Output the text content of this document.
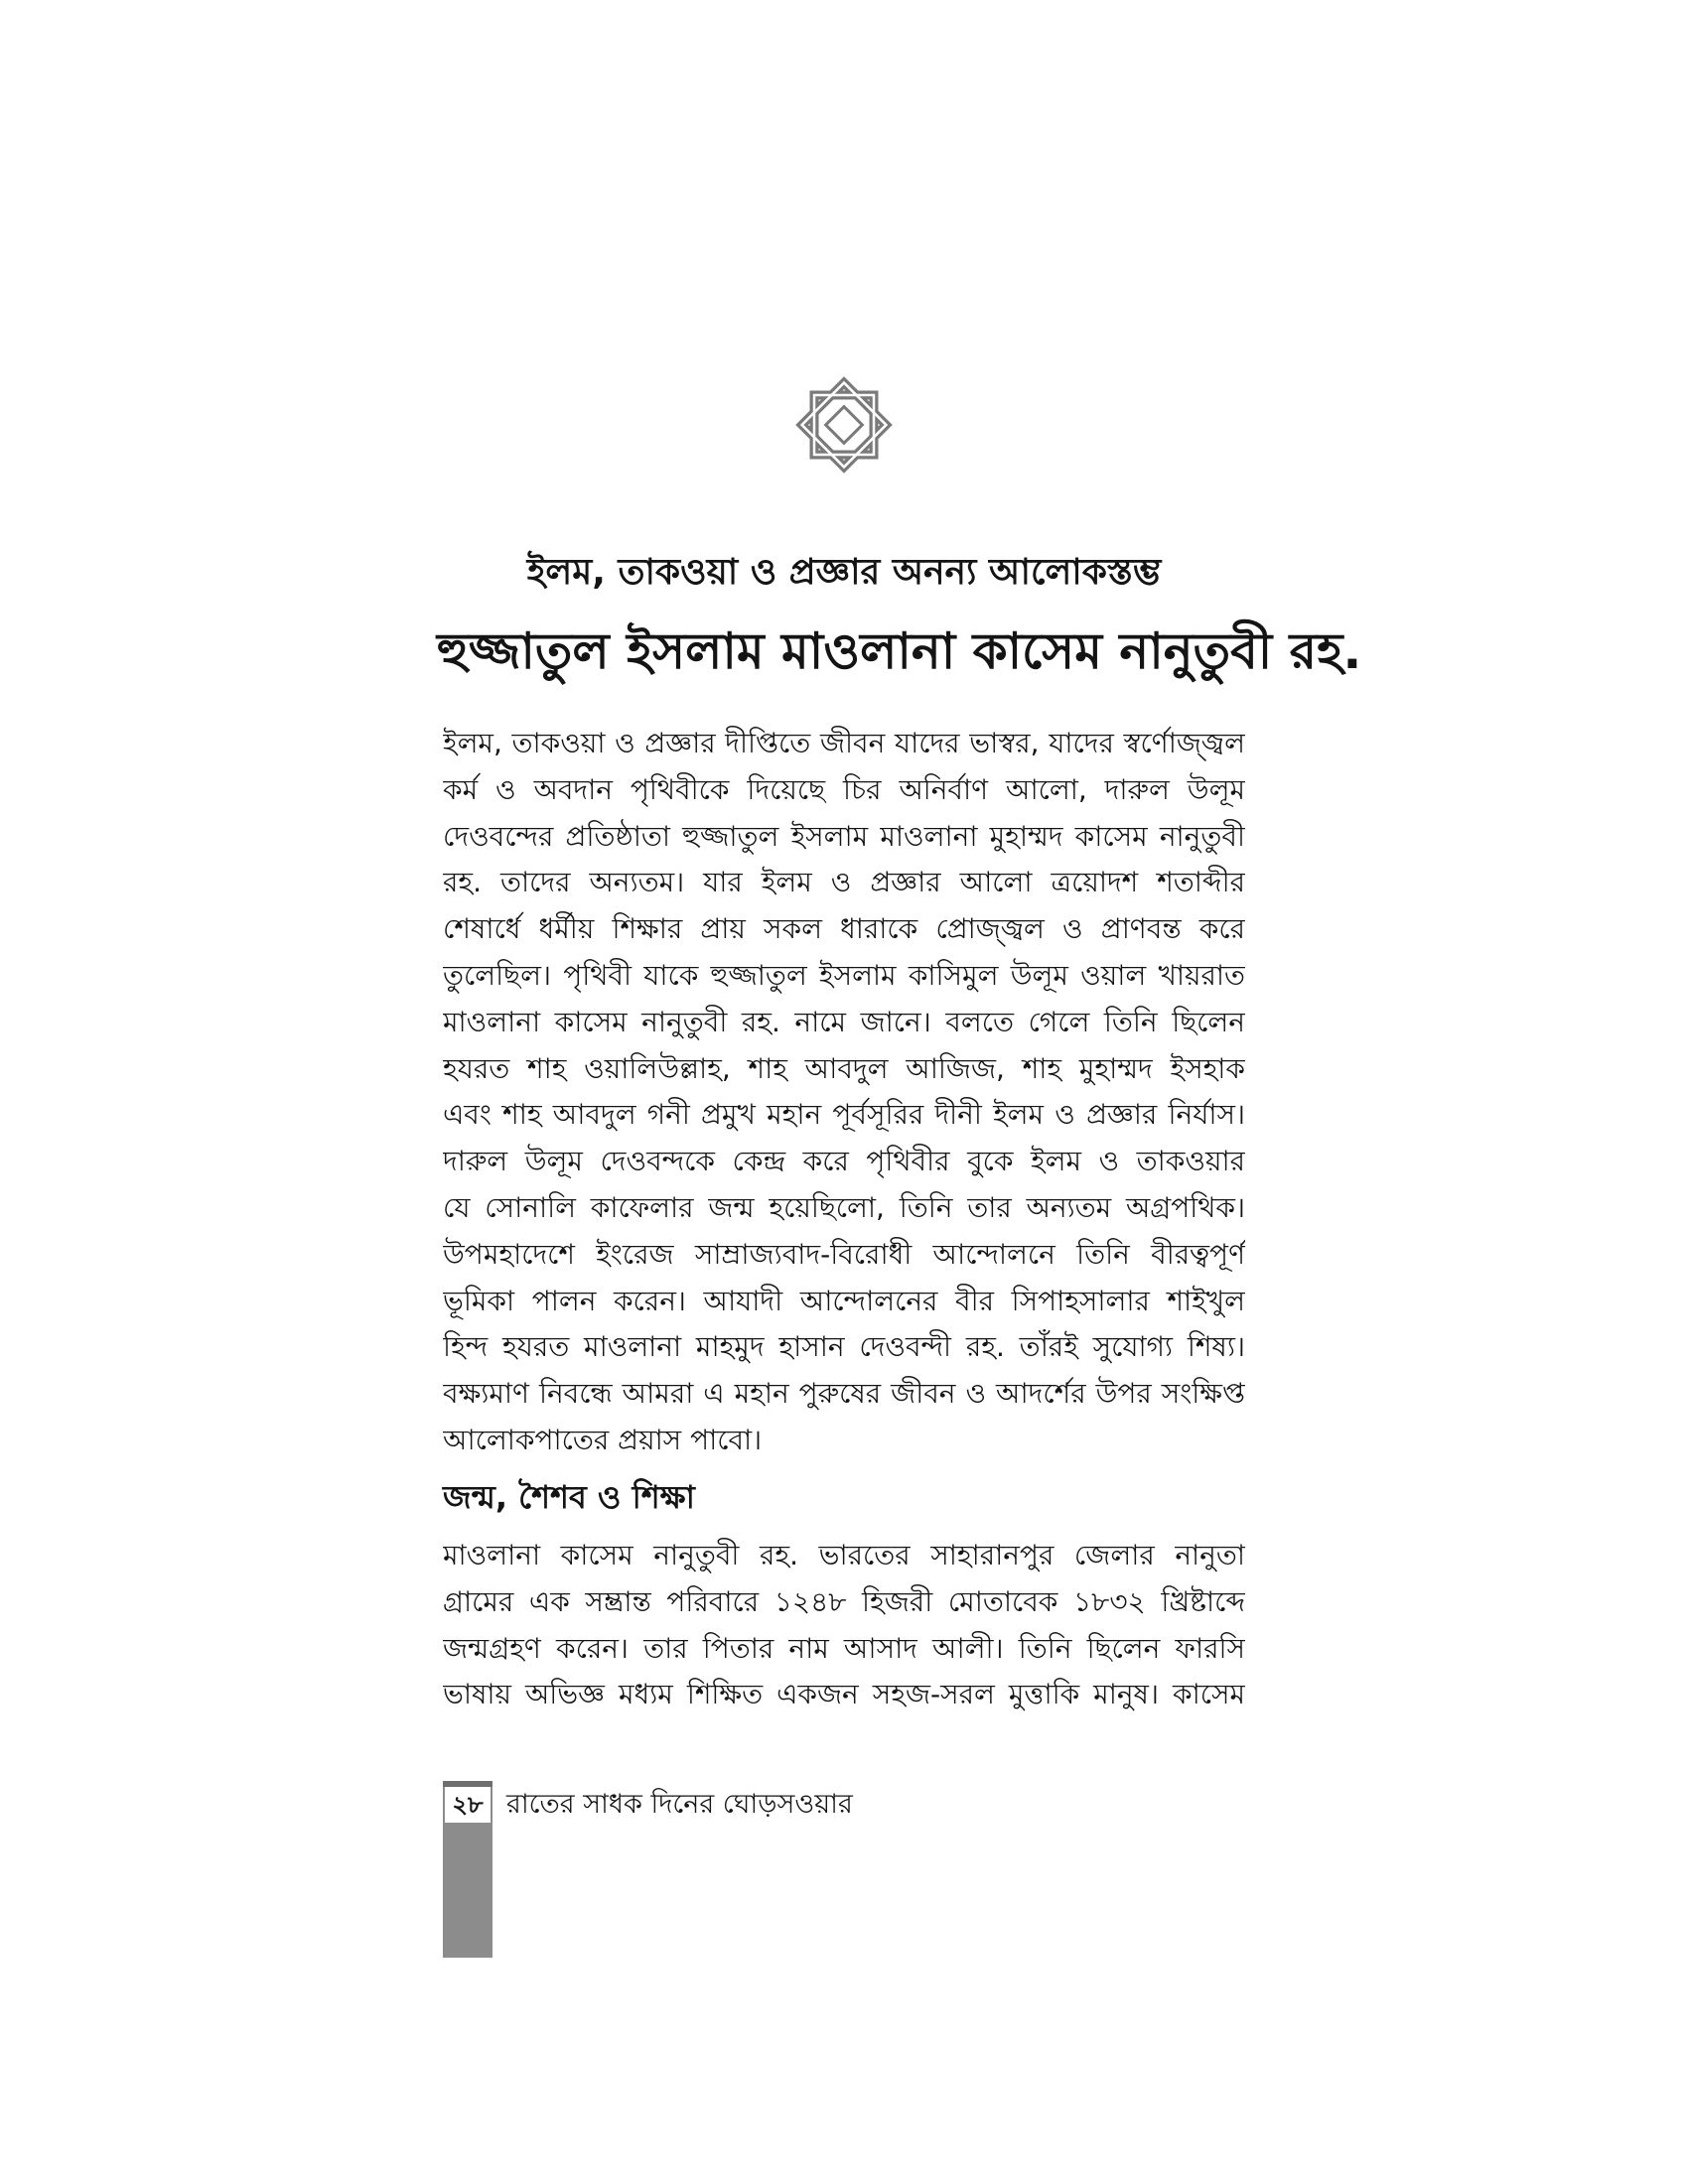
ইলম, তাকওয়া ও প্রজ্ঞার অনন্য আলোকস্তম্ভ
হুজ্জাতুল ইসলাম মাওলানা কাসেম নানুতুবী রহ.
ইলম, তাকওয়া ও প্রজ্ঞার দীপ্তিতে জীবন যাদের ভাস্বর, যাদের স্বর্ণোজ্জ্বল
কর্ম ও অবদান পৃথিবীকে দিয়েছে চির অনির্বাণ আলো, দারুল উলূম
দেওবন্দের প্রতিষ্ঠাতা হুজ্জাতুল ইসলাম মাওলানা মুহাম্মদ কাসেম নানুতুবী
রহ. তাদের অন্যতম। যার ইলম ও প্রজ্ঞার আলো ত্রয়োদশ শতাব্দীর
শেষার্ধে ধর্মীয় শিক্ষার প্রায় সকল ধারাকে প্রোজ্জ্বল ও প্রাণবন্ত করে
তুলেছিল। পৃথিবী যাকে হুজ্জাতুল ইসলাম কাসিমুল উলূম ওয়াল খায়রাত
মাওলানা কাসেম নানুতুবী রহ. নামে জানে। বলতে গেলে তিনি ছিলেন
হযরত শাহ ওয়ালিউল্লাহ, শাহ আবদুল আজিজ, শাহ মুহাম্মদ ইসহাক
এবং শাহ আবদুল গনী প্রমুখ মহান পূর্বসূরির দীনী ইলম ও প্রজ্ঞার নির্যাস।
দারুল উলূম দেওবন্দকে কেন্দ্র করে পৃথিবীর বুকে ইলম ও তাকওয়ার
যে সোনালি কাফেলার জন্ম হয়েছিলো, তিনি তার অন্যতম অগ্রপথিক।
উপমহাদেশে ইংরেজ সাম্রাজ্যবাদ-বিরোধী আন্দোলনে তিনি বীরত্বপূর্ণ
ভূমিকা পালন করেন। আযাদী আন্দোলনের বীর সিপাহসালার শাইখুল
হিন্দ হযরত মাওলানা মাহমুদ হাসান দেওবন্দী রহ. তাঁরই সুযোগ্য শিষ্য।
বক্ষ্যমাণ নিবন্ধে আমরা এ মহান পুরুষের জীবন ও আদর্শের উপর সংক্ষিপ্ত
আলোকপাতের প্রয়াস পাবো।
জন্ম, শৈশব ও শিক্ষা
মাওলানা কাসেম নানুতুবী রহ. ভারতের সাহারানপুর জেলার নানুতা
গ্রামের এক সম্ভ্রান্ত পরিবারে ১২৪৮ হিজরী মোতাবেক ১৮৩২ খ্রিষ্টাব্দে
জন্মগ্রহণ করেন। তার পিতার নাম আসাদ আলী। তিনি ছিলেন ফারসি
ভাষায় অভিজ্ঞ মধ্যম শিক্ষিত একজন সহজ-সরল মুত্তাকি মানুষ। কাসেম
২৮ রাতের সাধক দিনের ঘোড়সওয়ার
